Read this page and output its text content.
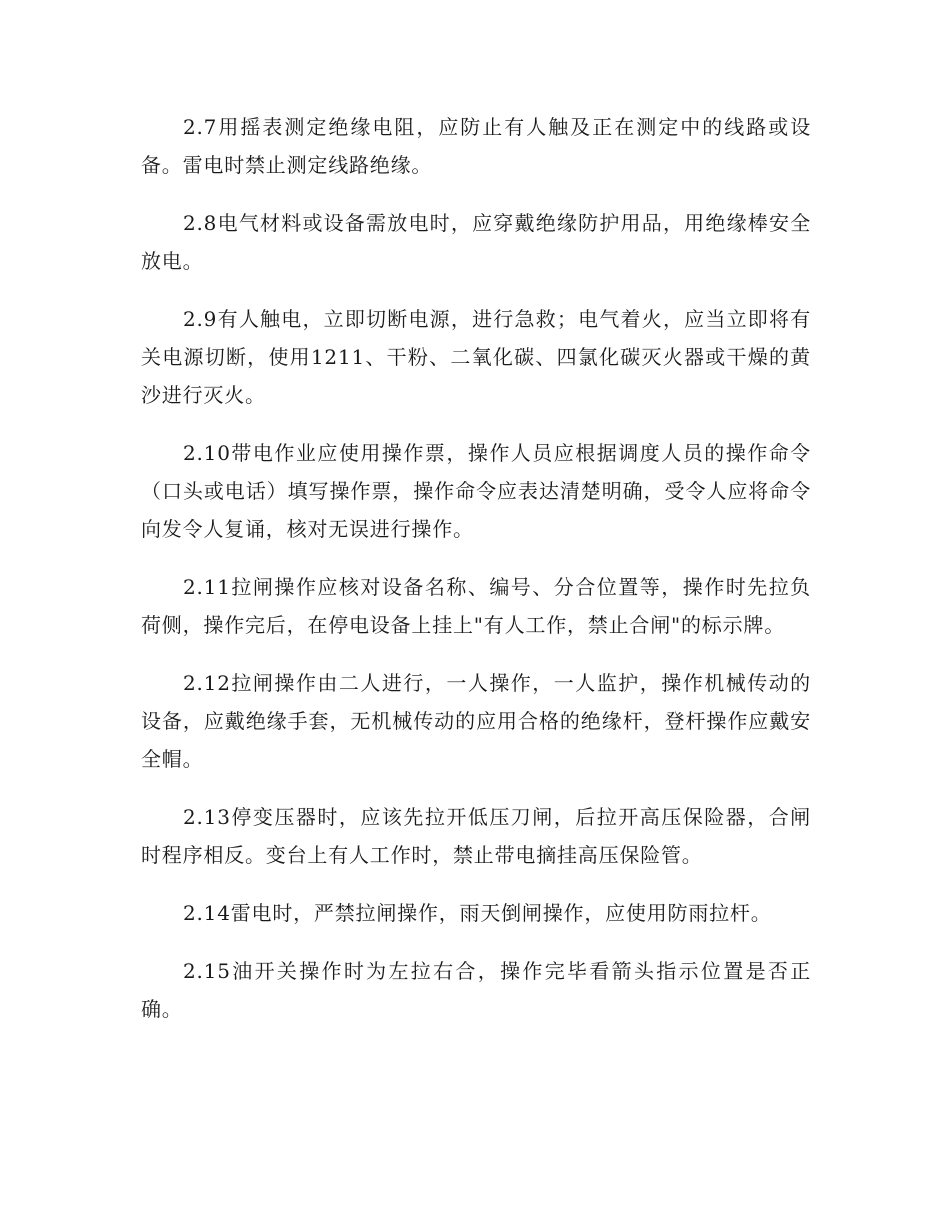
2.7用摇表测定绝缘电阻，应防止有人触及正在测定中的线路或设备。雷电时禁止测定线路绝缘。

2.8电气材料或设备需放电时，应穿戴绝缘防护用品，用绝缘棒安全放电。

2.9有人触电，立即切断电源，进行急救；电气着火，应当立即将有关电源切断，使用1211、干粉、二氧化碳、四氯化碳灭火器或干燥的黄沙进行灭火。

2.10带电作业应使用操作票，操作人员应根据调度人员的操作命令（口头或电话）填写操作票，操作命令应表达清楚明确，受令人应将命令向发令人复诵，核对无误进行操作。

2.11拉闸操作应核对设备名称、编号、分合位置等，操作时先拉负荷侧，操作完后，在停电设备上挂上"有人工作，禁止合闸"的标示牌。

2.12拉闸操作由二人进行，一人操作，一人监护，操作机械传动的设备，应戴绝缘手套，无机械传动的应用合格的绝缘杆，登杆操作应戴安全帽。

2.13停变压器时，应该先拉开低压刀闸，后拉开高压保险器，合闸时程序相反。变台上有人工作时，禁止带电摘挂高压保险管。

2.14雷电时，严禁拉闸操作，雨天倒闸操作，应使用防雨拉杆。

2.15油开关操作时为左拉右合，操作完毕看箭头指示位置是否正确。
